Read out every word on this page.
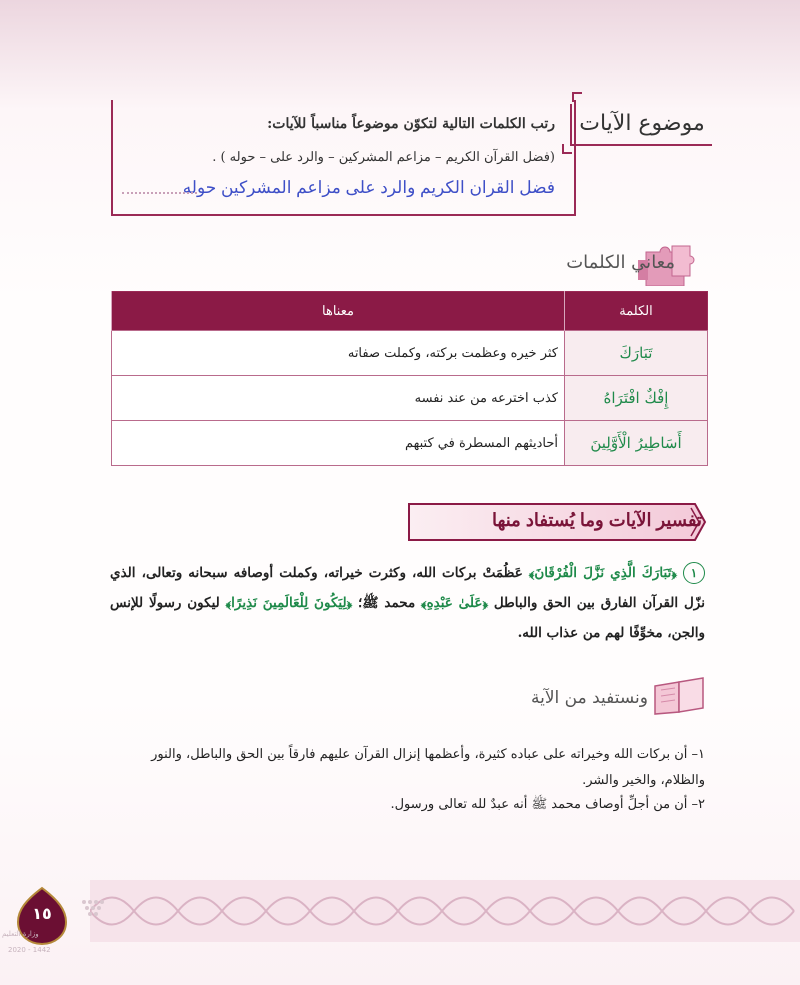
موضوع الآيات
رتب الكلمات التالية لتكوّن موضوعاً مناسباً للآيات:
(فضل القرآن الكريم – مزاعم المشركين – والرد على – حوله ) .
فضل القران الكريم والرد على مزاعم المشركين حوله
معاني الكلمات
الكلمة	معناها
تَبَارَكَ	كثر خيره وعظمت بركته، وكملت صفاته
إِفْكٌ افْتَرَاهُ	كذب اخترعه من عند نفسه
أَسَاطِيرُ الْأَوَّلِينَ	أحاديثهم المسطرة في كتبهم
تفسير الآيات وما يُستفاد منها
١ ﴿تَبَارَكَ الَّذِي نَزَّلَ الْفُرْقَانَ﴾ عَظُمَتْ بركات الله، وكثرت خيراته، وكملت أوصافه سبحانه وتعالى، الذي نزّل القرآن الفارق بين الحق والباطل ﴿عَلَىٰ عَبْدِهِ﴾ محمد ﷺ؛ ﴿لِيَكُونَ لِلْعَالَمِينَ نَذِيرًا﴾ ليكون رسولًا للإنس والجن، مخوِّفًا لهم من عذاب الله.
ونستفيد من الآية
١– أن بركات الله وخيراته على عباده كثيرة، وأعظمها إنزال القرآن عليهم فارقاً بين الحق والباطل، والنور والظلام، والخير والشر.
٢– أن من أجلِّ أوصاف محمد ﷺ أنه عبدٌ لله تعالى ورسول.
١٥
وزارة التعليم
2020 - 1442
